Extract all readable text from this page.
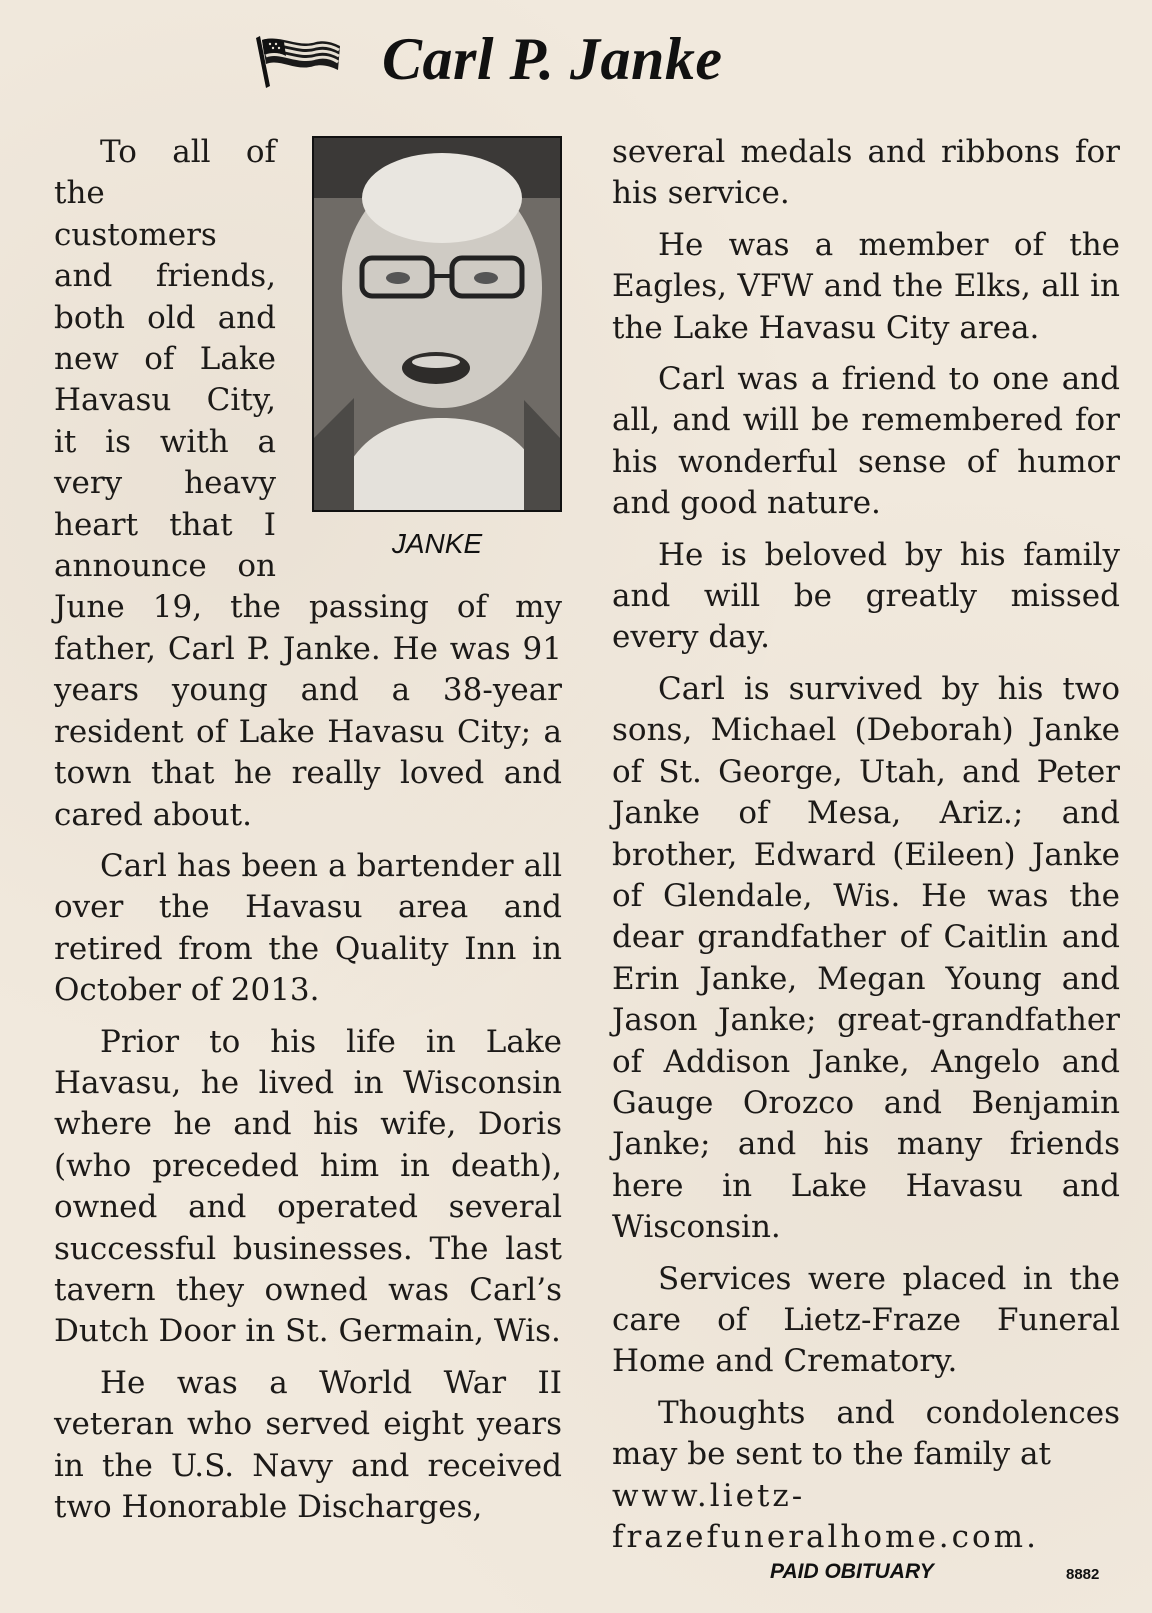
Carl P. Janke
JANKE

To all of the customers and friends, both old and new of Lake Havasu City, it is with a very heavy heart that I announce on June 19, the passing of my father, Carl P. Janke. He was 91 years young and a 38-year resident of Lake Havasu City; a town that he really loved and cared about.

Carl has been a bartender all over the Havasu area and retired from the Quality Inn in October of 2013.

Prior to his life in Lake Havasu, he lived in Wisconsin where he and his wife, Doris (who preceded him in death), owned and operated several successful businesses. The last tavern they owned was Carl’s Dutch Door in St. Germain, Wis.

He was a World War II veteran who served eight years in the U.S. Navy and received two Honorable Discharges,

several medals and ribbons for his service.

He was a member of the Eagles, VFW and the Elks, all in the Lake Havasu City area.

Carl was a friend to one and all, and will be remembered for his wonderful sense of humor and good nature.

He is beloved by his family and will be greatly missed every day.

Carl is survived by his two sons, Michael (Deborah) Janke of St. George, Utah, and Peter Janke of Mesa, Ariz.; and brother, Edward (Eileen) Janke of Glendale, Wis. He was the dear grandfather of Caitlin and Erin Janke, Megan Young and Jason Janke; great-grandfather of Addison Janke, Angelo and Gauge Orozco and Benjamin Janke; and his many friends here in Lake Havasu and Wisconsin.

Services were placed in the care of Lietz-Fraze Funeral Home and Crematory.

Thoughts and condolences may be sent to the family at

www.lietz-frazefuneralhome.com.

PAID OBITUARY	8882
